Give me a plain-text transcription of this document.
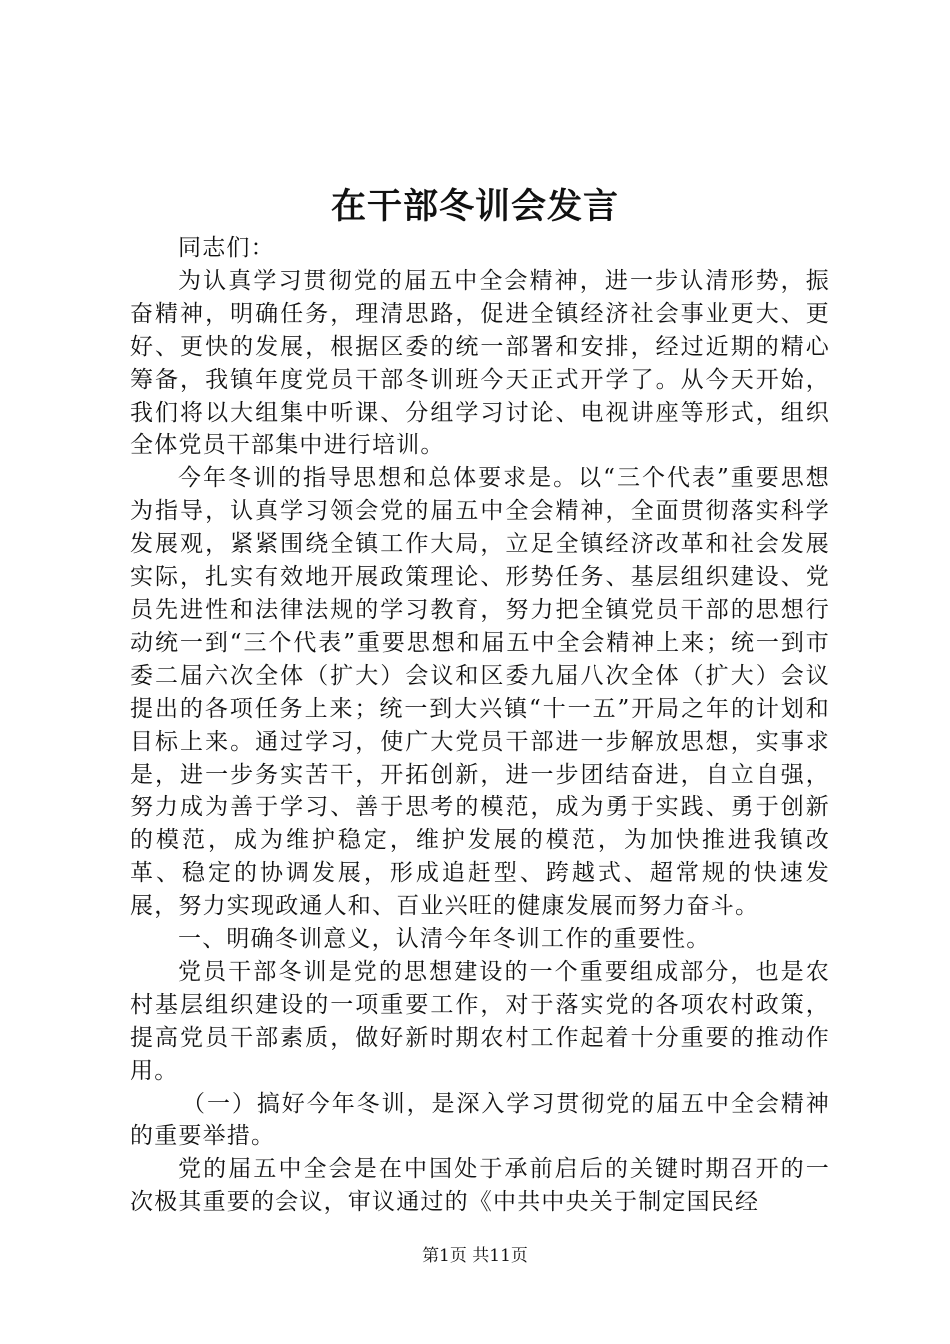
在干部冬训会发言

同志们：

为认真学习贯彻党的届五中全会精神，进一步认清形势，振奋精神，明确任务，理清思路，促进全镇经济社会事业更大、更好、更快的发展，根据区委的统一部署和安排，经过近期的精心筹备，我镇年度党员干部冬训班今天正式开学了。从今天开始，我们将以大组集中听课、分组学习讨论、电视讲座等形式，组织全体党员干部集中进行培训。

今年冬训的指导思想和总体要求是。以“三个代表”重要思想为指导，认真学习领会党的届五中全会精神，全面贯彻落实科学发展观，紧紧围绕全镇工作大局，立足全镇经济改革和社会发展实际，扎实有效地开展政策理论、形势任务、基层组织建设、党员先进性和法律法规的学习教育，努力把全镇党员干部的思想行动统一到“三个代表”重要思想和届五中全会精神上来；统一到市委二届六次全体（扩大）会议和区委九届八次全体（扩大）会议提出的各项任务上来；统一到大兴镇“十一五”开局之年的计划和目标上来。通过学习，使广大党员干部进一步解放思想，实事求是，进一步务实苦干，开拓创新，进一步团结奋进，自立自强，努力成为善于学习、善于思考的模范，成为勇于实践、勇于创新的模范，成为维护稳定，维护发展的模范，为加快推进我镇改革、稳定的协调发展，形成追赶型、跨越式、超常规的快速发展，努力实现政通人和、百业兴旺的健康发展而努力奋斗。

一、明确冬训意义，认清今年冬训工作的重要性。

党员干部冬训是党的思想建设的一个重要组成部分，也是农村基层组织建设的一项重要工作，对于落实党的各项农村政策，提高党员干部素质，做好新时期农村工作起着十分重要的推动作用。

（一）搞好今年冬训，是深入学习贯彻党的届五中全会精神的重要举措。

党的届五中全会是在中国处于承前启后的关键时期召开的一次极其重要的会议，审议通过的《中共中央关于制定国民经

第1页 共11页
